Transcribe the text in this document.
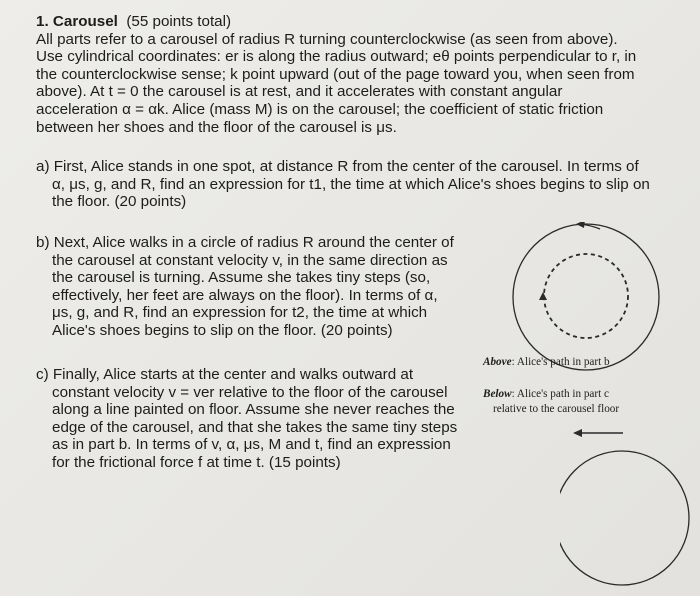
1. Carousel (55 points total)
All parts refer to a carousel of radius R turning counterclockwise (as seen from above).
Use cylindrical coordinates: er is along the radius outward; eθ points perpendicular to r, in
the counterclockwise sense; k point upward (out of the page toward you, when seen from
above). At t = 0 the carousel is at rest, and it accelerates with constant angular
acceleration α = αk. Alice (mass M) is on the carousel; the coefficient of static friction
between her shoes and the floor of the carousel is μs.
a) First, Alice stands in one spot, at distance R from the center of the carousel. In terms of
α, μs, g, and R, find an expression for t1, the time at which Alice's shoes begins to slip on
the floor. (20 points)
b) Next, Alice walks in a circle of radius R around the center of
the carousel at constant velocity v, in the same direction as
the carousel is turning. Assume she takes tiny steps (so,
effectively, her feet are always on the floor). In terms of α,
μs, g, and R, find an expression for t2, the time at which
Alice's shoes begins to slip on the floor. (20 points)
c) Finally, Alice starts at the center and walks outward at
constant velocity v = ver relative to the floor of the carousel
along a line painted on floor. Assume she never reaches the
edge of the carousel, and that she takes the same tiny steps
as in part b. In terms of v, α, μs, M and t, find an expression
for the frictional force f at time t. (15 points)
Above: Alice's path in part b
Below: Alice's path in part c
relative to the carousel floor
